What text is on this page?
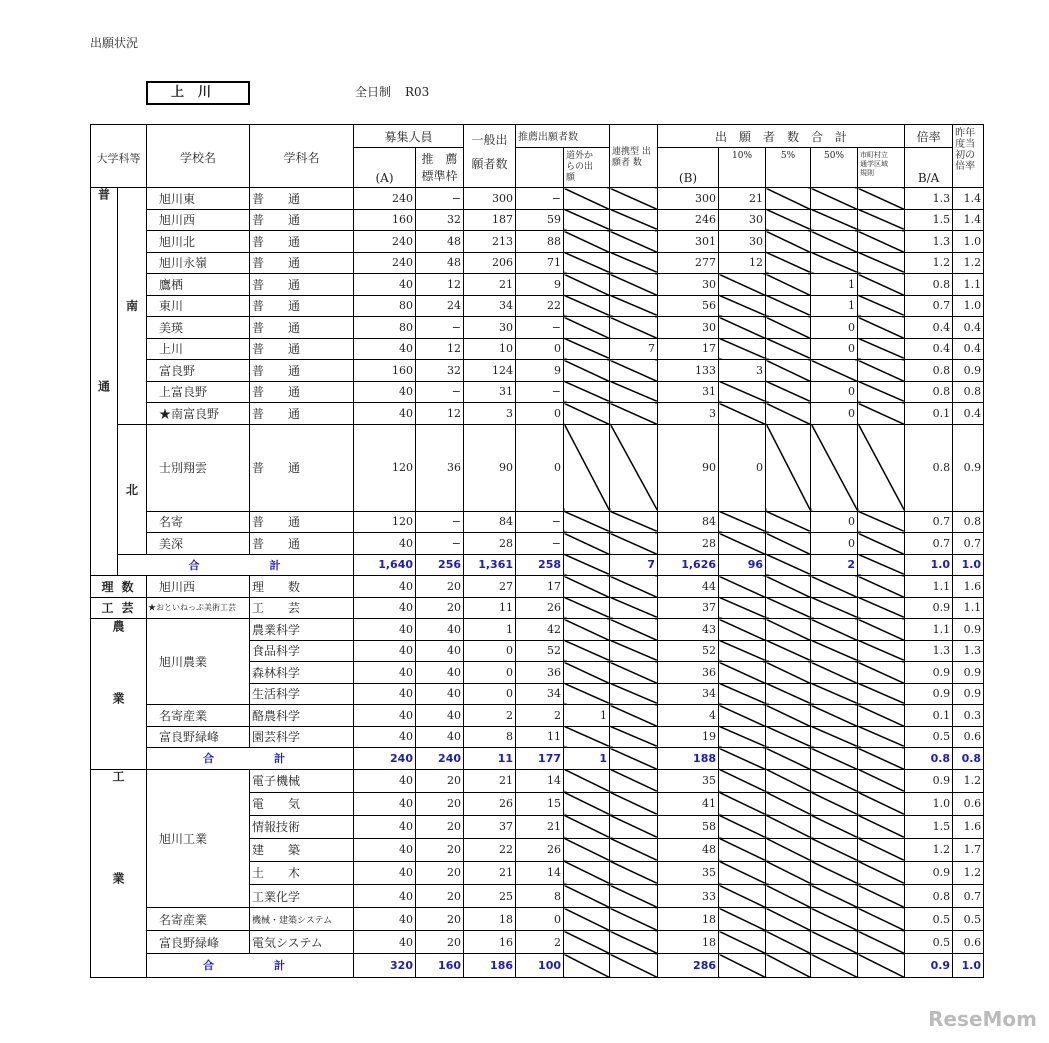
出願状況
上川	全日制 R03
大学科等		学校名	学科名	募集人員		一般出
願者数	推薦出願者数		連携型 出願者 数	出　願　者　数　合　計					倍率	昨年
度当
初の
倍率
				(A)	推　薦
標準枠			道外か
らの出
願		(B)	10%	5%	50%	市町村立
通学区域
規則	B/A	
普通	南	旭川東	普　　通	240	−	300	−			300	21				1.3	1.4
		旭川西	普　　通	160	32	187	59			246	30				1.5	1.4
		旭川北	普　　通	240	48	213	88			301	30				1.3	1.0
		旭川永嶺	普　　通	240	48	206	71			277	12				1.2	1.2
		鷹栖	普　　通	40	12	21	9			30			1		0.8	1.1
		東川	普　　通	80	24	34	22			56			1		0.7	1.0
		美瑛	普　　通	80	−	30	−			30			0		0.4	0.4
		上川	普　　通	40	12	10	0		7	17			0		0.4	0.4
		富良野	普　　通	160	32	124	9			133	3				0.8	0.9
		上富良野	普　　通	40	−	31	−			31			0		0.8	0.8
		★南富良野	普　　通	40	12	3	0			3			0		0.1	0.4
	北	士別翔雲	普　　通	120	36	90	0			90	0				0.8	0.9
		名寄	普　　通	120	−	84	−			84			0		0.7	0.8
		美深	普　　通	40	−	28	−			28			0		0.7	0.7
	合計			1,640	256	1,361	258		7	1,626	96		2		1.0	1.0
理数		旭川西	理　　数	40	20	27	17			44					1.1	1.6
工芸		★おといねっぷ美術工芸	工　　芸	40	20	11	26			37					0.9	1.1
農業		旭川農業	農業科学	40	40	1	42			43					1.1	0.9
			食品科学	40	40	0	52			52					1.3	1.3
			森林科学	40	40	0	36			36					0.9	0.9
			生活科学	40	40	0	34			34					0.9	0.9
		名寄産業	酪農科学	40	40	2	2	1		4					0.1	0.3
		富良野緑峰	園芸科学	40	40	8	11			19					0.5	0.6
		合計		240	240	11	177	1		188					0.8	0.8
工業		旭川工業	電子機械	40	20	21	14			35					0.9	1.2
			電　　気	40	20	26	15			41					1.0	0.6
			情報技術	40	20	37	21			58					1.5	1.6
			建　　築	40	20	22	26			48					1.2	1.7
			土　　木	40	20	21	14			35					0.9	1.2
			工業化学	40	20	25	8			33					0.8	0.7
		名寄産業	機械・建築システム	40	20	18	0			18					0.5	0.5
		富良野緑峰	電気システム	40	20	16	2			18					0.5	0.6
		合計		320	160	186	100			286					0.9	1.0
ReseMom
